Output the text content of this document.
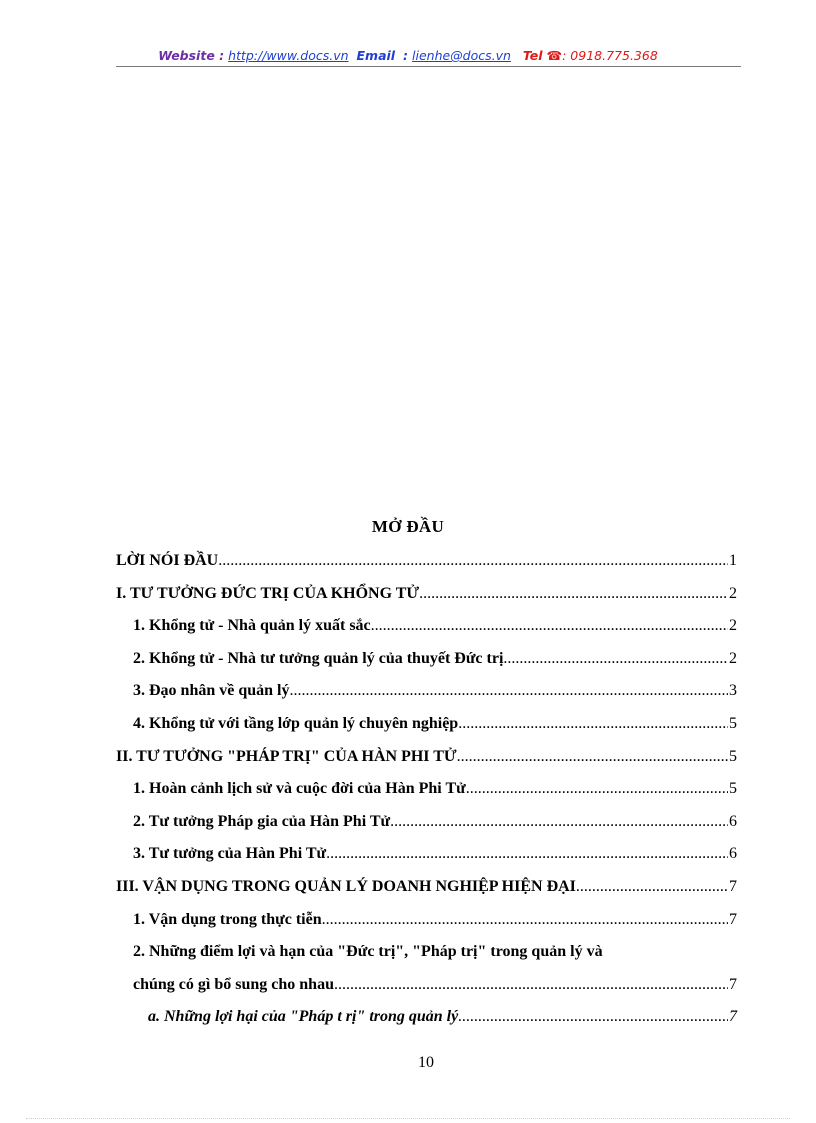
Website : http://www.docs.vn Email : lienhe@docs.vn Tel ☎: 0918.775.368
MỞ ĐẦU
LỜI NÓI ĐẦU .....	1
I. TƯ TƯỞNG ĐỨC TRỊ CỦA KHỔNG TỬ .....	2
1. Khổng tử - Nhà quản lý xuất sắc .....	2
2. Khổng tử - Nhà tư tưởng quản lý của thuyết Đức trị .....	2
3. Đạo nhân về quản lý .....	3
4. Khổng tử với tầng lớp quản lý chuyên nghiệp .....	5
II. TƯ TƯỞNG "PHÁP TRỊ" CỦA HÀN PHI TỬ .....	5
1. Hoàn cảnh lịch sử và cuộc đời của Hàn Phi Tử .....	5
2. Tư tưởng Pháp gia của Hàn Phi Tử .....	6
3. Tư tưởng của Hàn Phi Tử .....	6
III. VẬN DỤNG TRONG QUẢN LÝ DOANH NGHIỆP HIỆN ĐẠI .....	7
1. Vận dụng trong thực tiễn .....	7
2. Những điểm lợi và hạn của "Đức trị", "Pháp trị" trong quản lý và
chúng có gì bổ sung cho nhau .....	7
a. Những lợi hại của "Pháp t rị" trong quản lý .....	7
10
